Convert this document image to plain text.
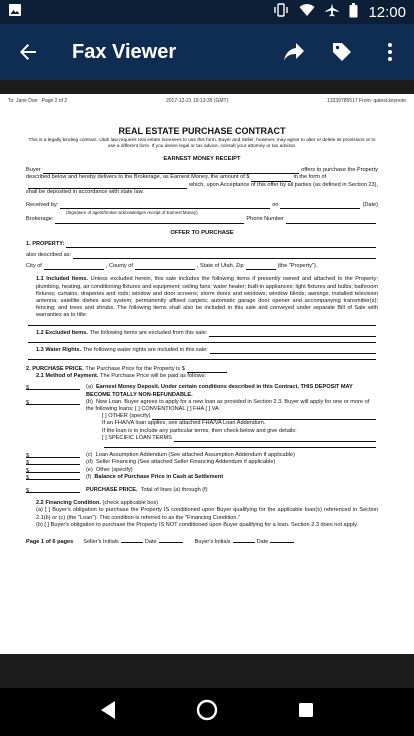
12:00
Fax Viewer
To: Jane Doe Page 2 of 2	2017-12-21 19:13:35 (GMT)	13239785517 From: qatest.keynote
REAL ESTATE PURCHASE CONTRACT
This is a legally binding contract. Utah law requires real estate licensees to use this form. Buyer and Seller, however, may agree to alter or delete its provisions or to use a different form. If you desire legal or tax advice, consult your attorney or tax advisor.
EARNEST MONEY RECEIPT
Buyer	offers to purchase the Property
described below and hereby delivers to the Brokerage, as Earnest Money, the amount of $	in the form of
which, upon Acceptance of this offer by all parties (as defined in Section 23),
shall be deposited in accordance with state law.
Received by:	on	(Date)
(Signature of agent/broker acknowledges receipt of Earnest Money)
Brokerage:	Phone Number
OFFER TO PURCHASE
1. PROPERTY:
also described as:
City of	, County of	, State of Utah, Zip	(the "Property").
1.1 Included Items. Unless excluded herein, this sale includes the following items if presently owned and attached to the Property: plumbing, heating, air conditioning fixtures and equipment; ceiling fans; water heater; built-in appliances; light fixtures and bulbs; bathroom fixtures; curtains, draperies and rods; window and door screens; storm doors and windows; window blinds; awnings; installed television antenna; satellite dishes and system; permanently affixed carpets; automatic garage door opener and accompanying transmitter(s); fencing; and trees and shrubs. The following items shall also be included in this sale and conveyed under separate Bill of Sale with warranties as to title:
1.2 Excluded Items.
The following items are excluded from this sale:
1.3 Water Rights.
The following water rights are included in this sale:
2. PURCHASE PRICE.
The Purchase Price for the Property is $
2.1 Method of Payment.
The Purchase Price will be paid as follows:
$	(a) Earnest Money Deposit. Under certain conditions described in this Contract, THIS DEPOSIT MAY BECOME TOTALLY NON-REFUNDABLE.
$	(b) New Loan. Buyer agrees to apply for a new loan as provided in Section 2.3. Buyer will apply for one or more of the following loans: [ ] CONVENTIONAL [ ] FHA [ ] VA
[ ] OTHER (specify)
If an FHA/VA loan applies, see attached FHA/VA Loan Addendum.
If the loan is to include any particular terms, then check below and give details:
[ ] SPECIFIC LOAN TERMS
$	(c) Loan Assumption Addendum (See attached Assumption Addendum if applicable)
$	(d) Seller Financing (See attached Seller Financing Addendum if applicable)
$	(e) Other (specify)
$	(f) Balance of Purchase Price in Cash at Settlement
$	PURCHASE PRICE. Total of lines (a) through (f)
2.2 Financing Condition.
(check applicable box)
(a) [ ] Buyer's obligation to purchase the Property IS conditioned upon Buyer qualifying for the applicable loan(s) referenced in Section 2.1(b) or (c) (the "Loan"). This condition is referred to as the "Financing Condition."
(b) [ ] Buyer's obligation to purchase the Property IS NOT conditioned upon Buyer qualifying for a loan. Section 2.3 does not apply.
Page 1 of 6 pages Seller's Initials	Date	Buyer's Initials	Date
